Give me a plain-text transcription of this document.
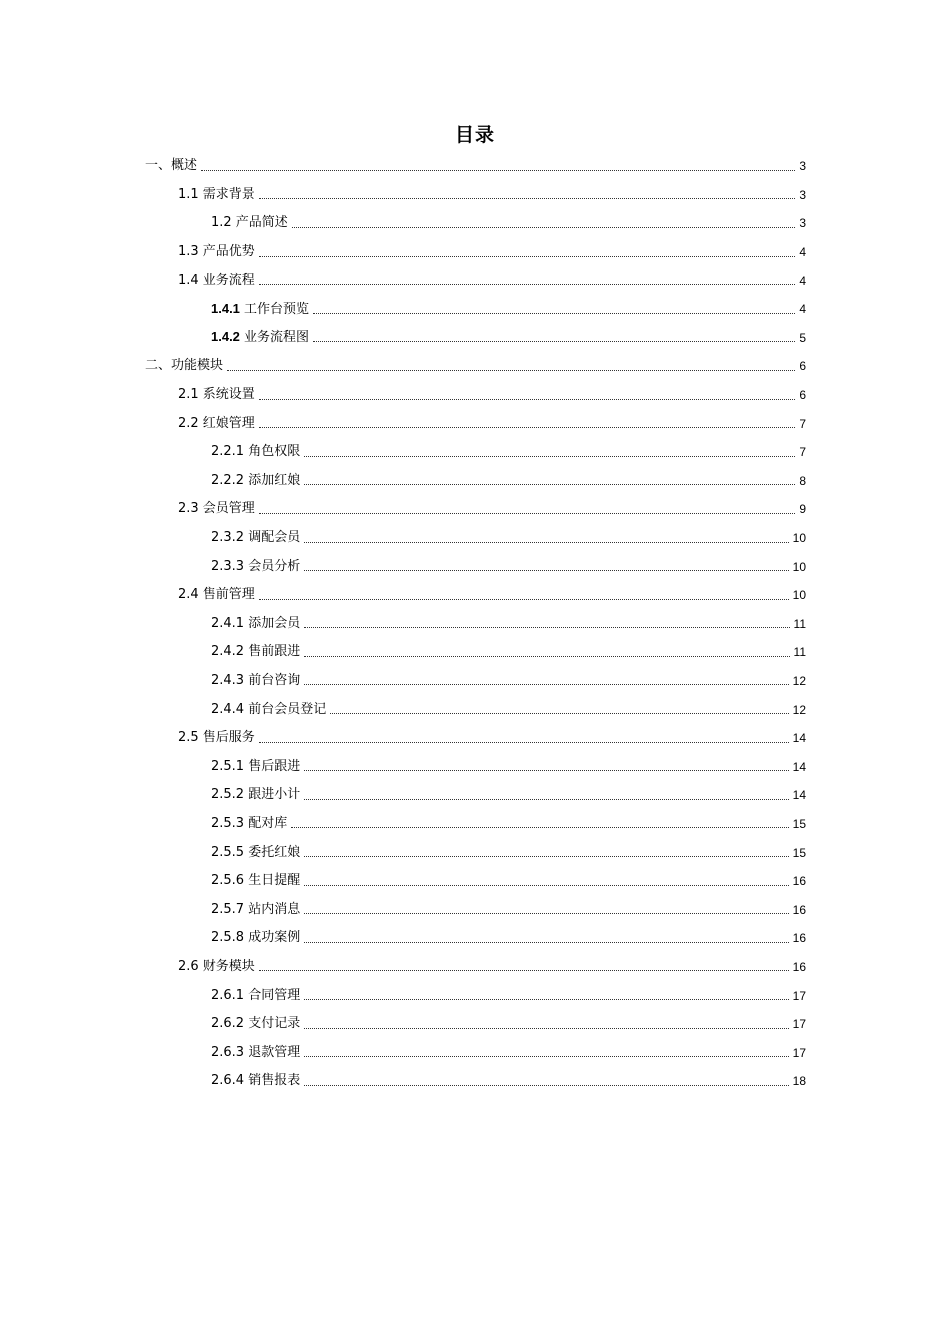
目录
一、概述	3
1.1 需求背景	3
1.2 产品简述	3
1.3 产品优势	4
1.4 业务流程	4
1.4.1 工作台预览	4
1.4.2 业务流程图	5
二、功能模块	6
2.1 系统设置	6
2.2 红娘管理	7
2.2.1 角色权限	7
2.2.2 添加红娘	8
2.3 会员管理	9
2.3.2 调配会员	10
2.3.3 会员分析	10
2.4 售前管理	10
2.4.1 添加会员	11
2.4.2 售前跟进	11
2.4.3 前台咨询	12
2.4.4 前台会员登记	12
2.5 售后服务	14
2.5.1 售后跟进	14
2.5.2 跟进小计	14
2.5.3 配对库	15
2.5.5 委托红娘	15
2.5.6 生日提醒	16
2.5.7 站内消息	16
2.5.8 成功案例	16
2.6 财务模块	16
2.6.1 合同管理	17
2.6.2 支付记录	17
2.6.3 退款管理	17
2.6.4 销售报表	18
